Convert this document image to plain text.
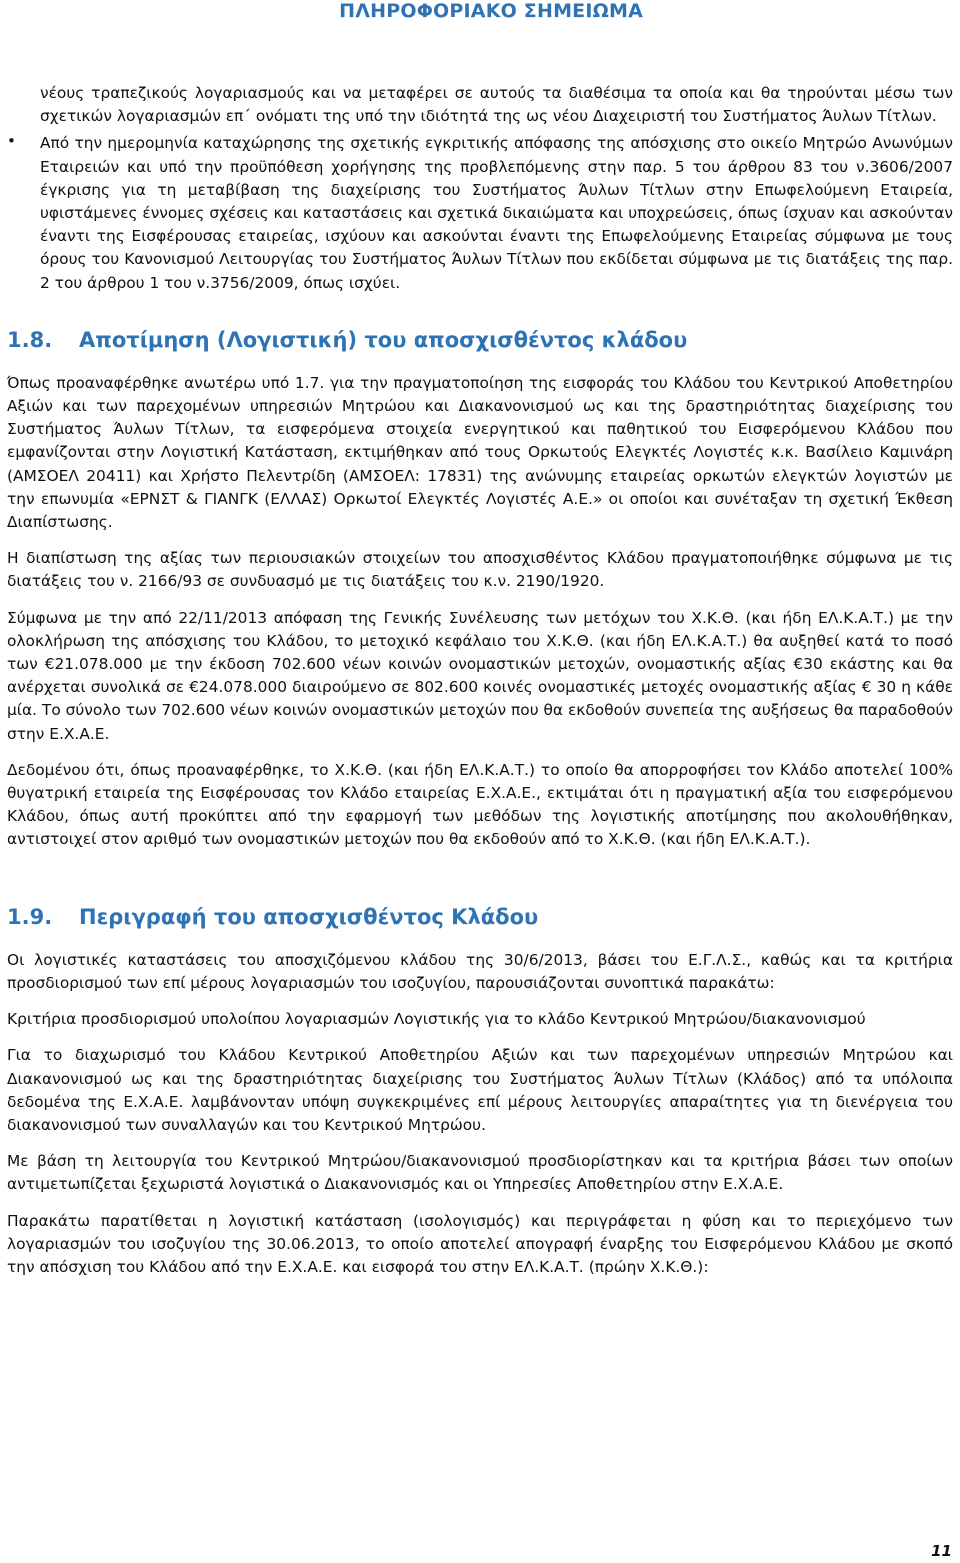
ΠΛΗΡΟΦΟΡΙΑΚΟ ΣΗΜΕΙΩΜΑ

νέους τραπεζικούς λογαριασμούς και να μεταφέρει σε αυτούς τα διαθέσιμα τα οποία και θα τηρούνται μέσω των σχετικών λογαριασμών επ΄ ονόματι της υπό την ιδιότητά της ως νέου Διαχειριστή του Συστήματος Άυλων Τίτλων.

• Από την ημερομηνία καταχώρησης της σχετικής εγκριτικής απόφασης της απόσχισης στο οικείο Μητρώο Ανωνύμων Εταιρειών και υπό την προϋπόθεση χορήγησης της προβλεπόμενης στην παρ. 5 του άρθρου 83 του ν.3606/2007 έγκρισης για τη μεταβίβαση της διαχείρισης του Συστήματος Άυλων Τίτλων στην Επωφελούμενη Εταιρεία, υφιστάμενες έννομες σχέσεις και καταστάσεις και σχετικά δικαιώματα και υποχρεώσεις, όπως ίσχυαν και ασκούνταν έναντι της Εισφέρουσας εταιρείας, ισχύουν και ασκούνται έναντι της Επωφελούμενης Εταιρείας σύμφωνα με τους όρους του Κανονισμού Λειτουργίας του Συστήματος Άυλων Τίτλων που εκδίδεται σύμφωνα με τις διατάξεις της παρ. 2 του άρθρου 1 του ν.3756/2009, όπως ισχύει.

1.8.	Αποτίμηση (Λογιστική) του αποσχισθέντος κλάδου

Όπως προαναφέρθηκε ανωτέρω υπό 1.7. για την πραγματοποίηση της εισφοράς του Κλάδου του Κεντρικού Αποθετηρίου Αξιών και των παρεχομένων υπηρεσιών Μητρώου και Διακανονισμού ως και της δραστηριότητας διαχείρισης του Συστήματος Άυλων Τίτλων, τα εισφερόμενα στοιχεία ενεργητικού και παθητικού του Εισφερόμενου Κλάδου που εμφανίζονται στην Λογιστική Κατάσταση, εκτιμήθηκαν από τους Ορκωτούς Ελεγκτές Λογιστές κ.κ. Βασίλειο Καμινάρη (ΑΜΣΟΕΛ 20411) και Χρήστο Πελεντρίδη (ΑΜΣΟΕΛ: 17831) της ανώνυμης εταιρείας ορκωτών ελεγκτών λογιστών με την επωνυμία «ΕΡΝΣΤ & ΓΙΑΝΓΚ (ΕΛΛΑΣ) Ορκωτοί Ελεγκτές Λογιστές Α.Ε.» οι οποίοι και συνέταξαν τη σχετική Έκθεση Διαπίστωσης.

Η διαπίστωση της αξίας των περιουσιακών στοιχείων του αποσχισθέντος Κλάδου πραγματοποιήθηκε σύμφωνα με τις διατάξεις του ν. 2166/93 σε συνδυασμό με τις διατάξεις του κ.ν. 2190/1920.

Σύμφωνα με την από 22/11/2013 απόφαση της Γενικής Συνέλευσης των μετόχων του Χ.Κ.Θ. (και ήδη ΕΛ.Κ.Α.Τ.) με την ολοκλήρωση της απόσχισης του Κλάδου, το μετοχικό κεφάλαιο του Χ.Κ.Θ. (και ήδη ΕΛ.Κ.Α.Τ.) θα αυξηθεί κατά το ποσό των €21.078.000 με την έκδοση 702.600 νέων κοινών ονομαστικών μετοχών, ονομαστικής αξίας €30 εκάστης και θα ανέρχεται συνολικά σε €24.078.000 διαιρούμενο σε 802.600 κοινές ονομαστικές μετοχές ονομαστικής αξίας € 30 η κάθε μία. Το σύνολο των 702.600 νέων κοινών ονομαστικών μετοχών που θα εκδοθούν συνεπεία της αυξήσεως θα παραδοθούν στην Ε.Χ.Α.Ε.

Δεδομένου ότι, όπως προαναφέρθηκε, το Χ.Κ.Θ. (και ήδη ΕΛ.Κ.Α.Τ.) το οποίο θα απορροφήσει τον Κλάδο αποτελεί 100% θυγατρική εταιρεία της Εισφέρουσας τον Κλάδο εταιρείας Ε.Χ.Α.Ε., εκτιμάται ότι η πραγματική αξία του εισφερόμενου Κλάδου, όπως αυτή προκύπτει από την εφαρμογή των μεθόδων της λογιστικής αποτίμησης που ακολουθήθηκαν, αντιστοιχεί στον αριθμό των ονομαστικών μετοχών που θα εκδοθούν από το Χ.Κ.Θ. (και ήδη ΕΛ.Κ.Α.Τ.).

1.9.	Περιγραφή του αποσχισθέντος Κλάδου

Οι λογιστικές καταστάσεις του αποσχιζόμενου κλάδου της 30/6/2013, βάσει του Ε.Γ.Λ.Σ., καθώς και τα κριτήρια προσδιορισμού των επί μέρους λογαριασμών του ισοζυγίου, παρουσιάζονται συνοπτικά παρακάτω:

Κριτήρια προσδιορισμού υπολοίπου λογαριασμών Λογιστικής για το κλάδο Κεντρικού Μητρώου/διακανονισμού

Για το διαχωρισμό του Κλάδου Κεντρικού Αποθετηρίου Αξιών και των παρεχομένων υπηρεσιών Μητρώου και Διακανονισμού ως και της δραστηριότητας διαχείρισης του Συστήματος Άυλων Τίτλων (Κλάδος) από τα υπόλοιπα δεδομένα της Ε.Χ.Α.Ε. λαμβάνονταν υπόψη συγκεκριμένες επί μέρους λειτουργίες απαραίτητες για τη διενέργεια του διακανονισμού των συναλλαγών και του Κεντρικού Μητρώου.

Με βάση τη λειτουργία του Κεντρικού Μητρώου/διακανονισμού προσδιορίστηκαν και τα κριτήρια βάσει των οποίων αντιμετωπίζεται ξεχωριστά λογιστικά ο Διακανονισμός και οι Υπηρεσίες Αποθετηρίου στην Ε.Χ.Α.Ε.

Παρακάτω παρατίθεται η λογιστική κατάσταση (ισολογισμός) και περιγράφεται η φύση και το περιεχόμενο των λογαριασμών του ισοζυγίου της 30.06.2013, το οποίο αποτελεί απογραφή έναρξης του Εισφερόμενου Κλάδου με σκοπό την απόσχιση του Κλάδου από την Ε.Χ.Α.Ε. και εισφορά του στην ΕΛ.Κ.Α.Τ. (πρώην Χ.Κ.Θ.):

11
